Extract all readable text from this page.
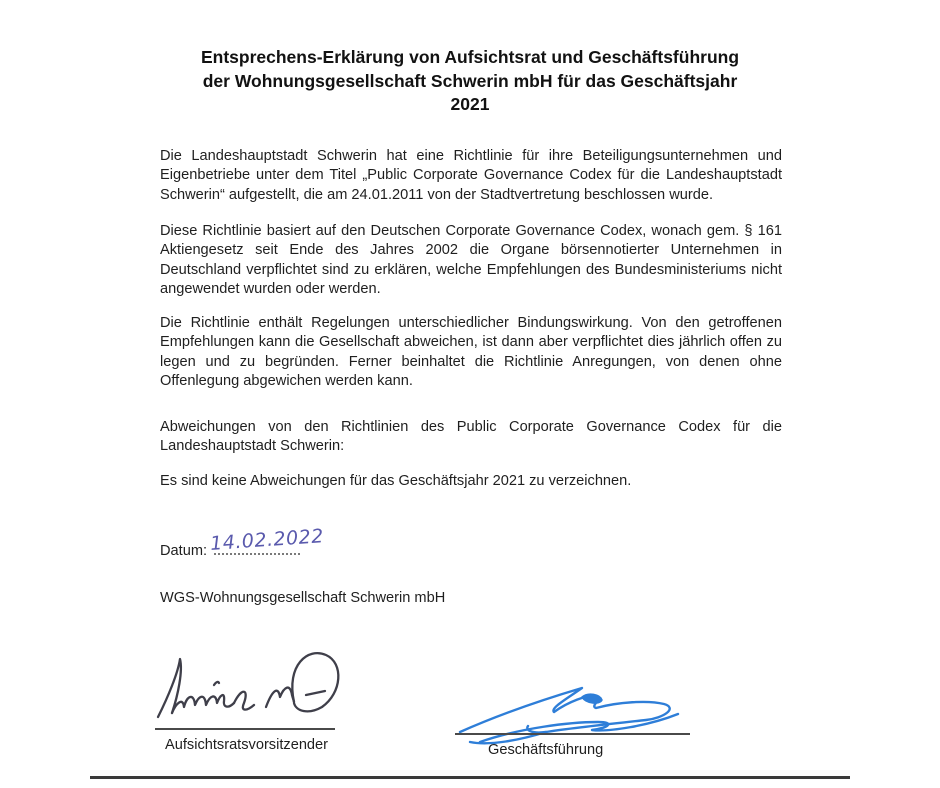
Entsprechens-Erklärung von Aufsichtsrat und Geschäftsführung
der Wohnungsgesellschaft Schwerin mbH für das Geschäftsjahr
2021

Die Landeshauptstadt Schwerin hat eine Richtlinie für ihre Beteiligungsunternehmen und Eigenbetriebe unter dem Titel „Public Corporate Governance Codex für die Landeshauptstadt Schwerin“ aufgestellt, die am 24.01.2011 von der Stadtvertretung beschlossen wurde.

Diese Richtlinie basiert auf den Deutschen Corporate Governance Codex, wonach gem. § 161 Aktiengesetz seit Ende des Jahres 2002 die Organe börsennotierter Unternehmen in Deutschland verpflichtet sind zu erklären, welche Empfehlungen des Bundesministeriums nicht angewendet wurden oder werden.

Die Richtlinie enthält Regelungen unterschiedlicher Bindungswirkung. Von den getroffenen Empfehlungen kann die Gesellschaft abweichen, ist dann aber verpflichtet dies jährlich offen zu legen und zu begründen. Ferner beinhaltet die Richtlinie Anregungen, von denen ohne Offenlegung abgewichen werden kann.

Abweichungen von den Richtlinien des Public Corporate Governance Codex für die Landeshauptstadt Schwerin:

Es sind keine Abweichungen für das Geschäftsjahr 2021 zu verzeichnen.

Datum: 14.02.2022
WGS-Wohnungsgesellschaft Schwerin mbH
Aufsichtsratsvorsitzender	Geschäftsführung
